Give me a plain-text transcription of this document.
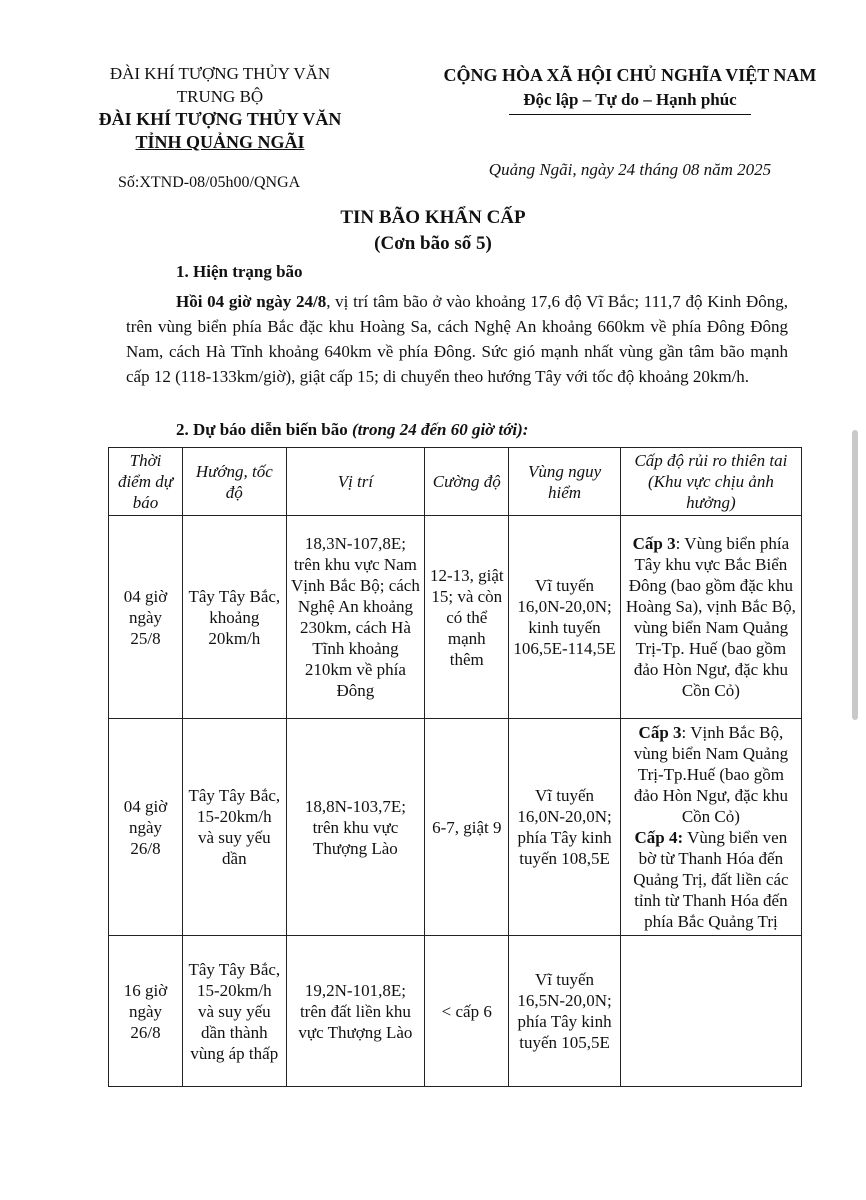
ĐÀI KHÍ TƯỢNG THỦY VĂN
TRUNG BỘ
ĐÀI KHÍ TƯỢNG THỦY VĂN
TỈNH QUẢNG NGÃI
Số:XTND-08/05h00/QNGA
CỘNG HÒA XÃ HỘI CHỦ NGHĨA VIỆT NAM
Độc lập – Tự do – Hạnh phúc
Quảng Ngãi, ngày 24 tháng 08 năm 2025
TIN BÃO KHẨN CẤP
(Cơn bão số 5)
1. Hiện trạng bão
Hồi 04 giờ ngày 24/8, vị trí tâm bão ở vào khoảng 17,6 độ Vĩ Bắc; 111,7 độ Kinh Đông, trên vùng biển phía Bắc đặc khu Hoàng Sa, cách Nghệ An khoảng 660km về phía Đông Đông Nam, cách Hà Tĩnh khoảng 640km về phía Đông. Sức gió mạnh nhất vùng gần tâm bão mạnh cấp 12 (118-133km/giờ), giật cấp 15; di chuyển theo hướng Tây với tốc độ khoảng 20km/h.
2. Dự báo diễn biến bão (trong 24 đến 60 giờ tới):
Thời điểm dự báo	Hướng, tốc độ	Vị trí	Cường độ	Vùng nguy hiểm	Cấp độ rủi ro thiên tai (Khu vực chịu ảnh hưởng)
04 giờ ngày 25/8	Tây Tây Bắc, khoảng 20km/h	18,3N-107,8E; trên khu vực Nam Vịnh Bắc Bộ; cách Nghệ An khoảng 230km, cách Hà Tĩnh khoảng 210km về phía Đông	12-13, giật 15; và còn có thể mạnh thêm	Vĩ tuyến 16,0N-20,0N; kinh tuyến 106,5E-114,5E	Cấp 3: Vùng biển phía Tây khu vực Bắc Biển Đông (bao gồm đặc khu Hoàng Sa), vịnh Bắc Bộ, vùng biển Nam Quảng Trị-Tp. Huế (bao gồm đảo Hòn Ngư, đặc khu Cồn Cỏ)
04 giờ ngày 26/8	Tây Tây Bắc, 15-20km/h và suy yếu dần	18,8N-103,7E; trên khu vực Thượng Lào	6-7, giật 9	Vĩ tuyến 16,0N-20,0N; phía Tây kinh tuyến 108,5E	Cấp 3: Vịnh Bắc Bộ, vùng biển Nam Quảng Trị-Tp.Huế (bao gồm đảo Hòn Ngư, đặc khu Cồn Cỏ)
Cấp 4: Vùng biển ven bờ từ Thanh Hóa đến Quảng Trị, đất liền các tỉnh từ Thanh Hóa đến phía Bắc Quảng Trị
16 giờ ngày 26/8	Tây Tây Bắc, 15-20km/h và suy yếu dần thành vùng áp thấp	19,2N-101,8E; trên đất liền khu vực Thượng Lào	< cấp 6	Vĩ tuyến 16,5N-20,0N; phía Tây kinh tuyến 105,5E	
